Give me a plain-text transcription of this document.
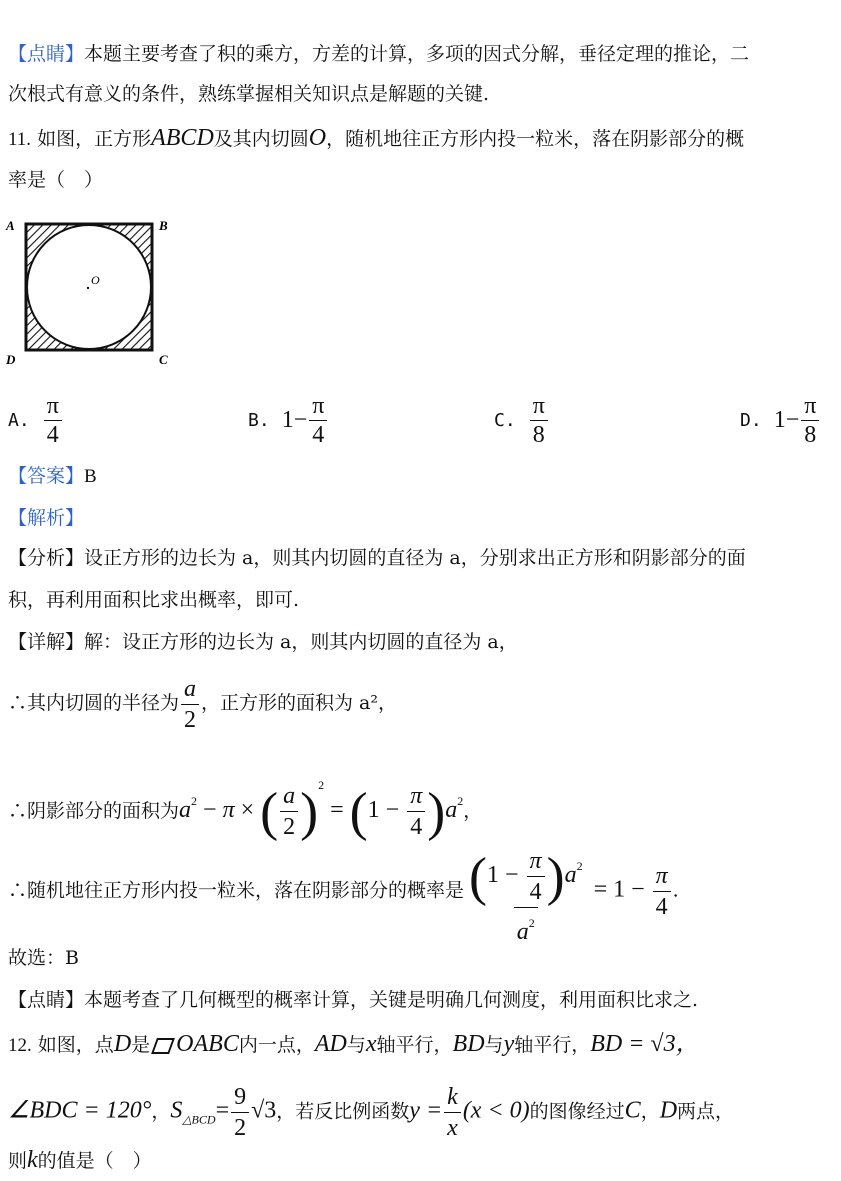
【点睛】本题主要考查了积的乘方，方差的计算，多项的因式分解，垂径定理的推论，二
次根式有意义的条件，熟练掌握相关知识点是解题的关键.
11. 如图，正方形ABCD及其内切圆O，随机地往正方形内投一粒米，落在阴影部分的概
率是（　）
A	B
C
D
O
A. $\frac{\pi}{4}$	B. $1- \frac{\pi}{4}$	C. $\frac{\pi}{8}$	D. $1- \frac{\pi}{8}$
【答案】B
【解析】
【分析】设正方形的边长为 a，则其内切圆的直径为 a，分别求出正方形和阴影部分的面
积，再利用面积比求出概率，即可.
【详解】解：设正方形的边长为 a，则其内切圆的直径为 a，
∴其内切圆的半径为 $\frac{a}{2}$ ，正方形的面积为 a²，
∴阴影部分的面积为$a^2 - \pi$ × ( $\frac{a}{2} )^2 = (1 - \frac{\pi}{4} )a^2$，
∴随机地往正方形内投一粒米，落在阴影部分的概率是 $\frac{(1 - \frac{\pi}{4} )a^2}{a^2} = 1 - \frac{\pi}{4}$ .
故选：B
【点睛】本题考查了几何概型的概率计算，关键是明确几何测度，利用面积比求之.
12. 如图，点D是 OABC内一点，AD与x轴平行，BD与y轴平行，BD = √3，
∠BDC = 120°，$S_{\triangle BCD}= \frac{9}{2} √3$，若反比例函数$y = \frac{k}{x} (x < 0)$的图像经过C，D两点，
则k的值是（　）
